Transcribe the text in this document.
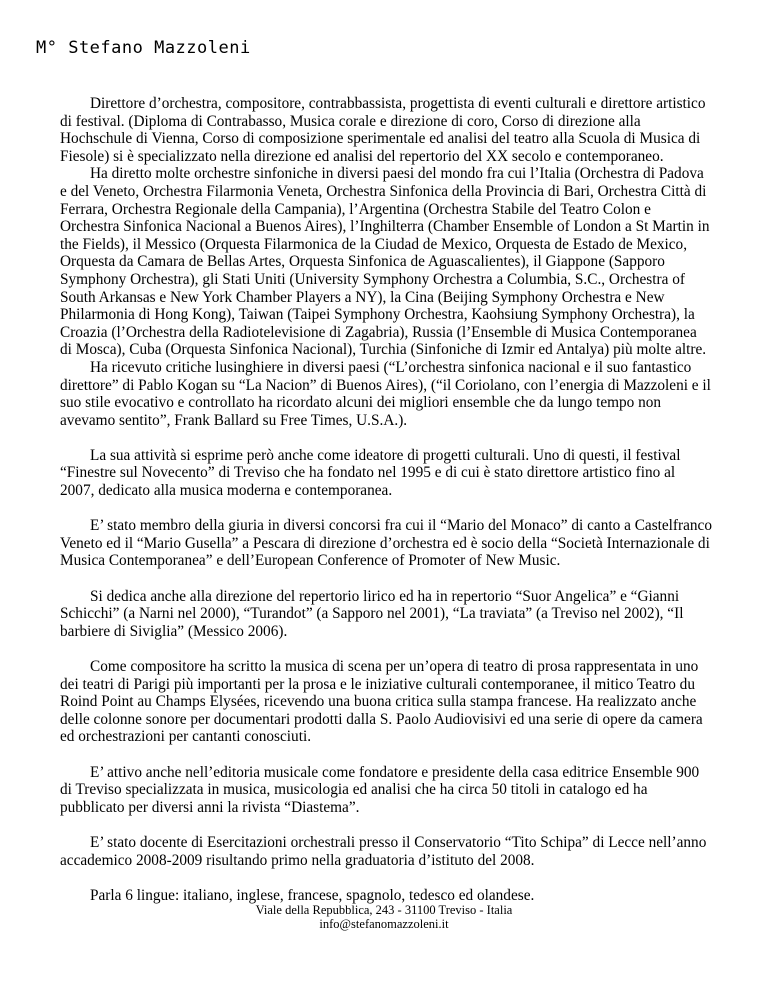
M° Stefano Mazzoleni

Direttore d’orchestra, compositore, contrabbassista, progettista di eventi culturali e direttore artistico di festival. (Diploma di Contrabasso, Musica corale e direzione di coro, Corso di direzione alla Hochschule di Vienna, Corso di composizione sperimentale ed analisi del teatro alla Scuola di Musica di Fiesole) si è specializzato nella direzione ed analisi del repertorio del XX secolo e contemporaneo.

Ha diretto molte orchestre sinfoniche in diversi paesi del mondo fra cui l’Italia (Orchestra di Padova e del Veneto, Orchestra Filarmonia Veneta, Orchestra Sinfonica della Provincia di Bari, Orchestra Città di Ferrara, Orchestra Regionale della Campania), l’Argentina (Orchestra Stabile del Teatro Colon e Orchestra Sinfonica Nacional a Buenos Aires), l’Inghilterra (Chamber Ensemble of London a St Martin in the Fields), il Messico (Orquesta Filarmonica de la Ciudad de Mexico, Orquesta de Estado de Mexico, Orquesta da Camara de Bellas Artes, Orquesta Sinfonica de Aguascalientes), il Giappone (Sapporo Symphony Orchestra), gli Stati Uniti (University Symphony Orchestra a Columbia, S.C., Orchestra of South Arkansas e New York Chamber Players a NY), la Cina (Beijing Symphony Orchestra e New Philarmonia di Hong Kong), Taiwan (Taipei Symphony Orchestra, Kaohsiung Symphony Orchestra), la Croazia (l’Orchestra della Radiotelevisione di Zagabria), Russia (l’Ensemble di Musica Contemporanea di Mosca), Cuba (Orquesta Sinfonica Nacional), Turchia (Sinfoniche di Izmir ed Antalya) più molte altre.

Ha ricevuto critiche lusinghiere in diversi paesi (“L’orchestra sinfonica nacional e il suo fantastico direttore” di Pablo Kogan su “La Nacion” di Buenos Aires), (“il Coriolano, con l’energia di Mazzoleni e il suo stile evocativo e controllato ha ricordato alcuni dei migliori ensemble che da lungo tempo non avevamo sentito”, Frank Ballard su Free Times, U.S.A.).

La sua attività si esprime però anche come ideatore di progetti culturali. Uno di questi, il festival “Finestre sul Novecento” di Treviso che ha fondato nel 1995 e di cui è stato direttore artistico fino al 2007, dedicato alla musica moderna e contemporanea.

E’ stato membro della giuria in diversi concorsi fra cui il “Mario del Monaco” di canto a Castelfranco Veneto ed il “Mario Gusella” a Pescara di direzione d’orchestra ed è socio della “Società Internazionale di Musica Contemporanea” e dell’European Conference of Promoter of New Music.

Si dedica anche alla direzione del repertorio lirico ed ha in repertorio “Suor Angelica” e “Gianni Schicchi” (a Narni nel 2000), “Turandot” (a Sapporo nel 2001), “La traviata” (a Treviso nel 2002), “Il barbiere di Siviglia” (Messico 2006).

Come compositore ha scritto la musica di scena per un’opera di teatro di prosa rappresentata in uno dei teatri di Parigi più importanti per la prosa e le iniziative culturali contemporanee, il mitico Teatro du Roind Point au Champs Elysées, ricevendo una buona critica sulla stampa francese. Ha realizzato anche delle colonne sonore per documentari prodotti dalla S. Paolo Audiovisivi ed una serie di opere da camera ed orchestrazioni per cantanti conosciuti.

E’ attivo anche nell’editoria musicale come fondatore e presidente della casa editrice Ensemble 900 di Treviso specializzata in musica, musicologia ed analisi che ha circa 50 titoli in catalogo ed ha pubblicato per diversi anni la rivista “Diastema”.

E’ stato docente di Esercitazioni orchestrali presso il Conservatorio “Tito Schipa” di Lecce nell’anno accademico 2008-2009 risultando primo nella graduatoria d’istituto del 2008.

Parla 6 lingue: italiano, inglese, francese, spagnolo, tedesco ed olandese.

Viale della Repubblica, 243 - 31100 Treviso - Italia
info@stefanomazzoleni.it
